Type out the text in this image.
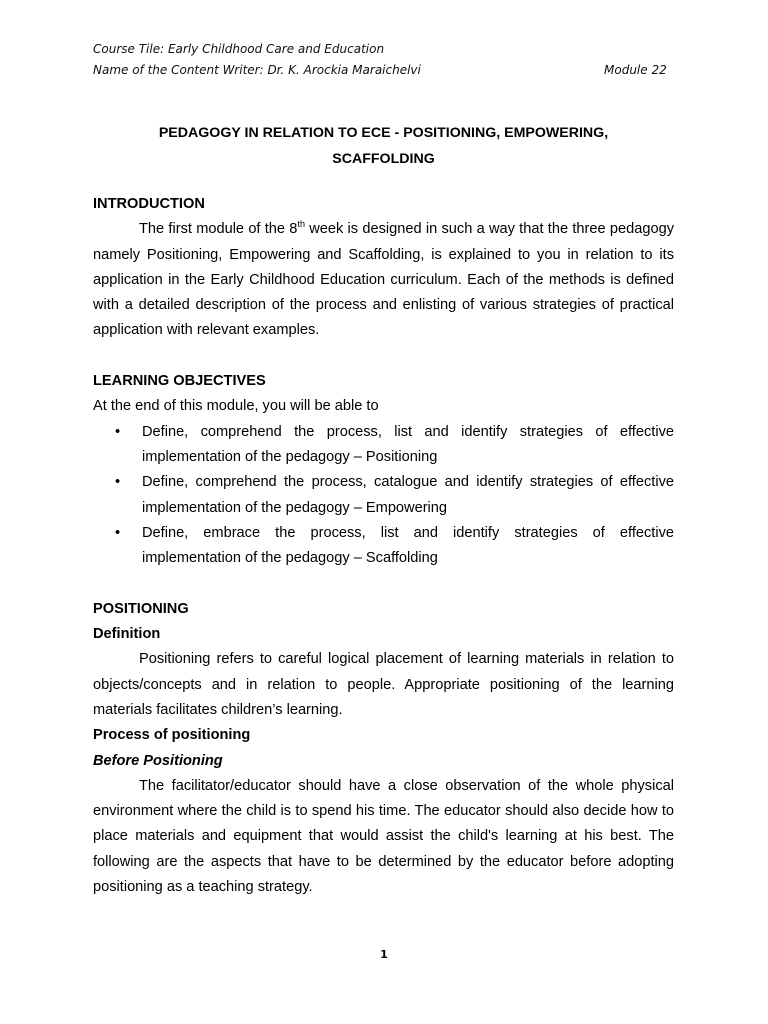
Course Tile: Early Childhood Care and Education
Name of the Content Writer: Dr. K. Arockia Maraichelvi	Module 22
PEDAGOGY IN RELATION TO ECE - POSITIONING, EMPOWERING,
SCAFFOLDING
INTRODUCTION

The first module of the 8th week is designed in such a way that the three pedagogy namely Positioning, Empowering and Scaffolding, is explained to you in relation to its application in the Early Childhood Education curriculum. Each of the methods is defined with a detailed description of the process and enlisting of various strategies of practical application with relevant examples.

LEARNING OBJECTIVES

At the end of this module, you will be able to

• Define, comprehend the process, list and identify strategies of effective implementation of the pedagogy – Positioning
• Define, comprehend the process, catalogue and identify strategies of effective implementation of the pedagogy – Empowering
• Define, embrace the process, list and identify strategies of effective implementation of the pedagogy – Scaffolding
POSITIONING
Definition

Positioning refers to careful logical placement of learning materials in relation to objects/concepts and in relation to people. Appropriate positioning of the learning materials facilitates children’s learning.

Process of positioning
Before Positioning

The facilitator/educator should have a close observation of the whole physical environment where the child is to spend his time. The educator should also decide how to place materials and equipment that would assist the child's learning at his best. The following are the aspects that have to be determined by the educator before adopting positioning as a teaching strategy.

1
